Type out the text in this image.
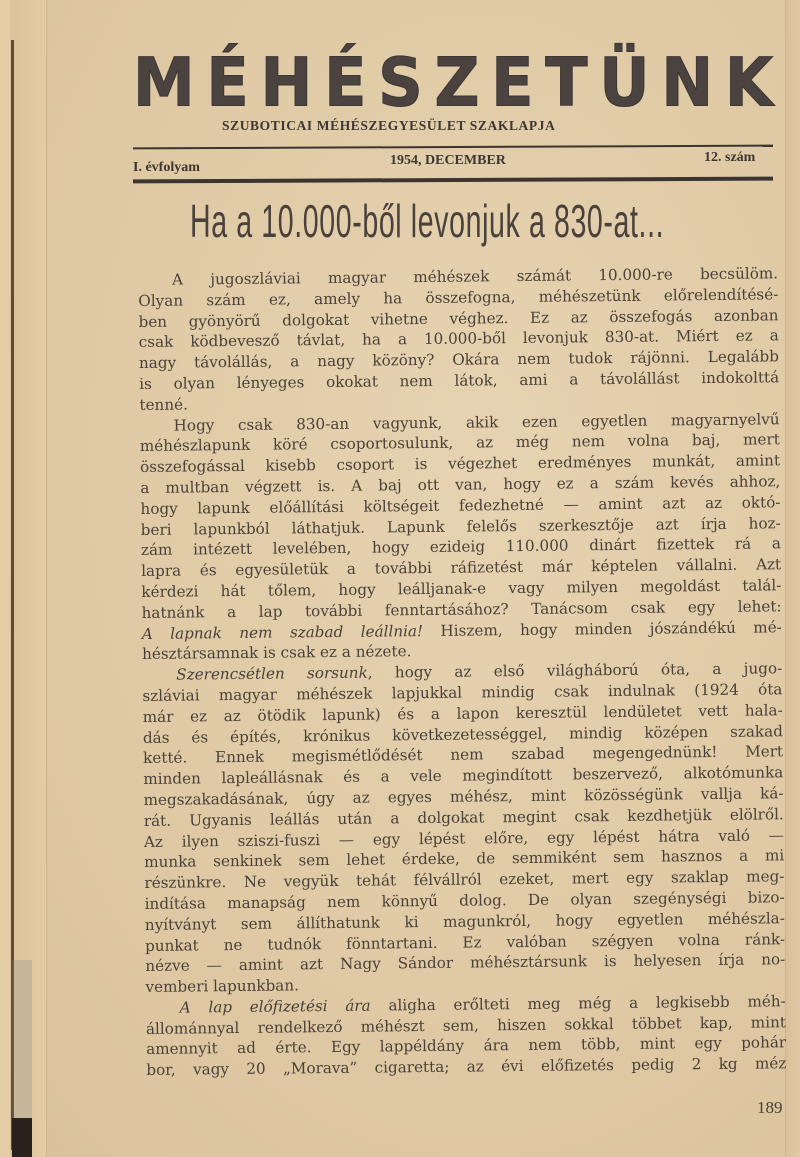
M É H É S Z E T Ü N K
SZUBOTICAI MÉHÉSZEGYESÜLET SZAKLAPJA
I. évfolyam	1954, DECEMBER	12. szám
Ha a 10.000-ből levonjuk a 830-at...
A jugoszláviai magyar méhészek számát 10.000-re becsülöm.
Olyan szám ez, amely ha összefogna, méhészetünk előrelendítésé-
ben gyönyörű dolgokat vihetne véghez. Ez az összefogás azonban
csak ködbevesző távlat, ha a 10.000-ből levonjuk 830-at. Miért ez a
nagy távolállás, a nagy közöny? Okára nem tudok rájönni. Legalább
is olyan lényeges okokat nem látok, ami a távolállást indokolttá
tenné.
Hogy csak 830-an vagyunk, akik ezen egyetlen magyarnyelvű
méhészlapunk köré csoportosulunk, az még nem volna baj, mert
összefogással kisebb csoport is végezhet eredményes munkát, amint
a multban végzett is. A baj ott van, hogy ez a szám kevés ahhoz,
hogy lapunk előállítási költségeit fedezhetné — amint azt az októ-
beri lapunkból láthatjuk. Lapunk felelős szerkesztője azt írja hoz-
zám intézett levelében, hogy ezideig 110.000 dinárt fizettek rá a
lapra és egyesületük a további ráfizetést már képtelen vállalni. Azt
kérdezi hát tőlem, hogy leálljanak-e vagy milyen megoldást talál-
hatnánk a lap további fenntartásához? Tanácsom csak egy lehet:
A lapnak nem szabad leállnia! Hiszem, hogy minden jószándékú mé-
hésztársamnak is csak ez a nézete.
Szerencsétlen sorsunk, hogy az első világháború óta, a jugo-
szláviai magyar méhészek lapjukkal mindig csak indulnak (1924 óta
már ez az ötödik lapunk) és a lapon keresztül lendületet vett hala-
dás és építés, krónikus következetességgel, mindig középen szakad
ketté. Ennek megismétlődését nem szabad megengednünk! Mert
minden lapleállásnak és a vele megindított beszervező, alkotómunka
megszakadásának, úgy az egyes méhész, mint közösségünk vallja ká-
rát. Ugyanis leállás után a dolgokat megint csak kezdhetjük elölről.
Az ilyen sziszi-fuszi — egy lépést előre, egy lépést hátra való —
munka senkinek sem lehet érdeke, de semmiként sem hasznos a mi
részünkre. Ne vegyük tehát félvállról ezeket, mert egy szaklap meg-
indítása manapság nem könnyű dolog. De olyan szegénységi bizo-
nyítványt sem állíthatunk ki magunkról, hogy egyetlen méhészla-
punkat ne tudnók fönntartani. Ez valóban szégyen volna ránk-
nézve — amint azt Nagy Sándor méhésztársunk is helyesen írja no-
vemberi lapunkban.
A lap előfizetési ára aligha erőlteti meg még a legkisebb méh-
állománnyal rendelkező méhészt sem, hiszen sokkal többet kap, mint
amennyit ad érte. Egy lappéldány ára nem több, mint egy pohár
bor, vagy 20 „Morava” cigaretta; az évi előfizetés pedig 2 kg méz
189
